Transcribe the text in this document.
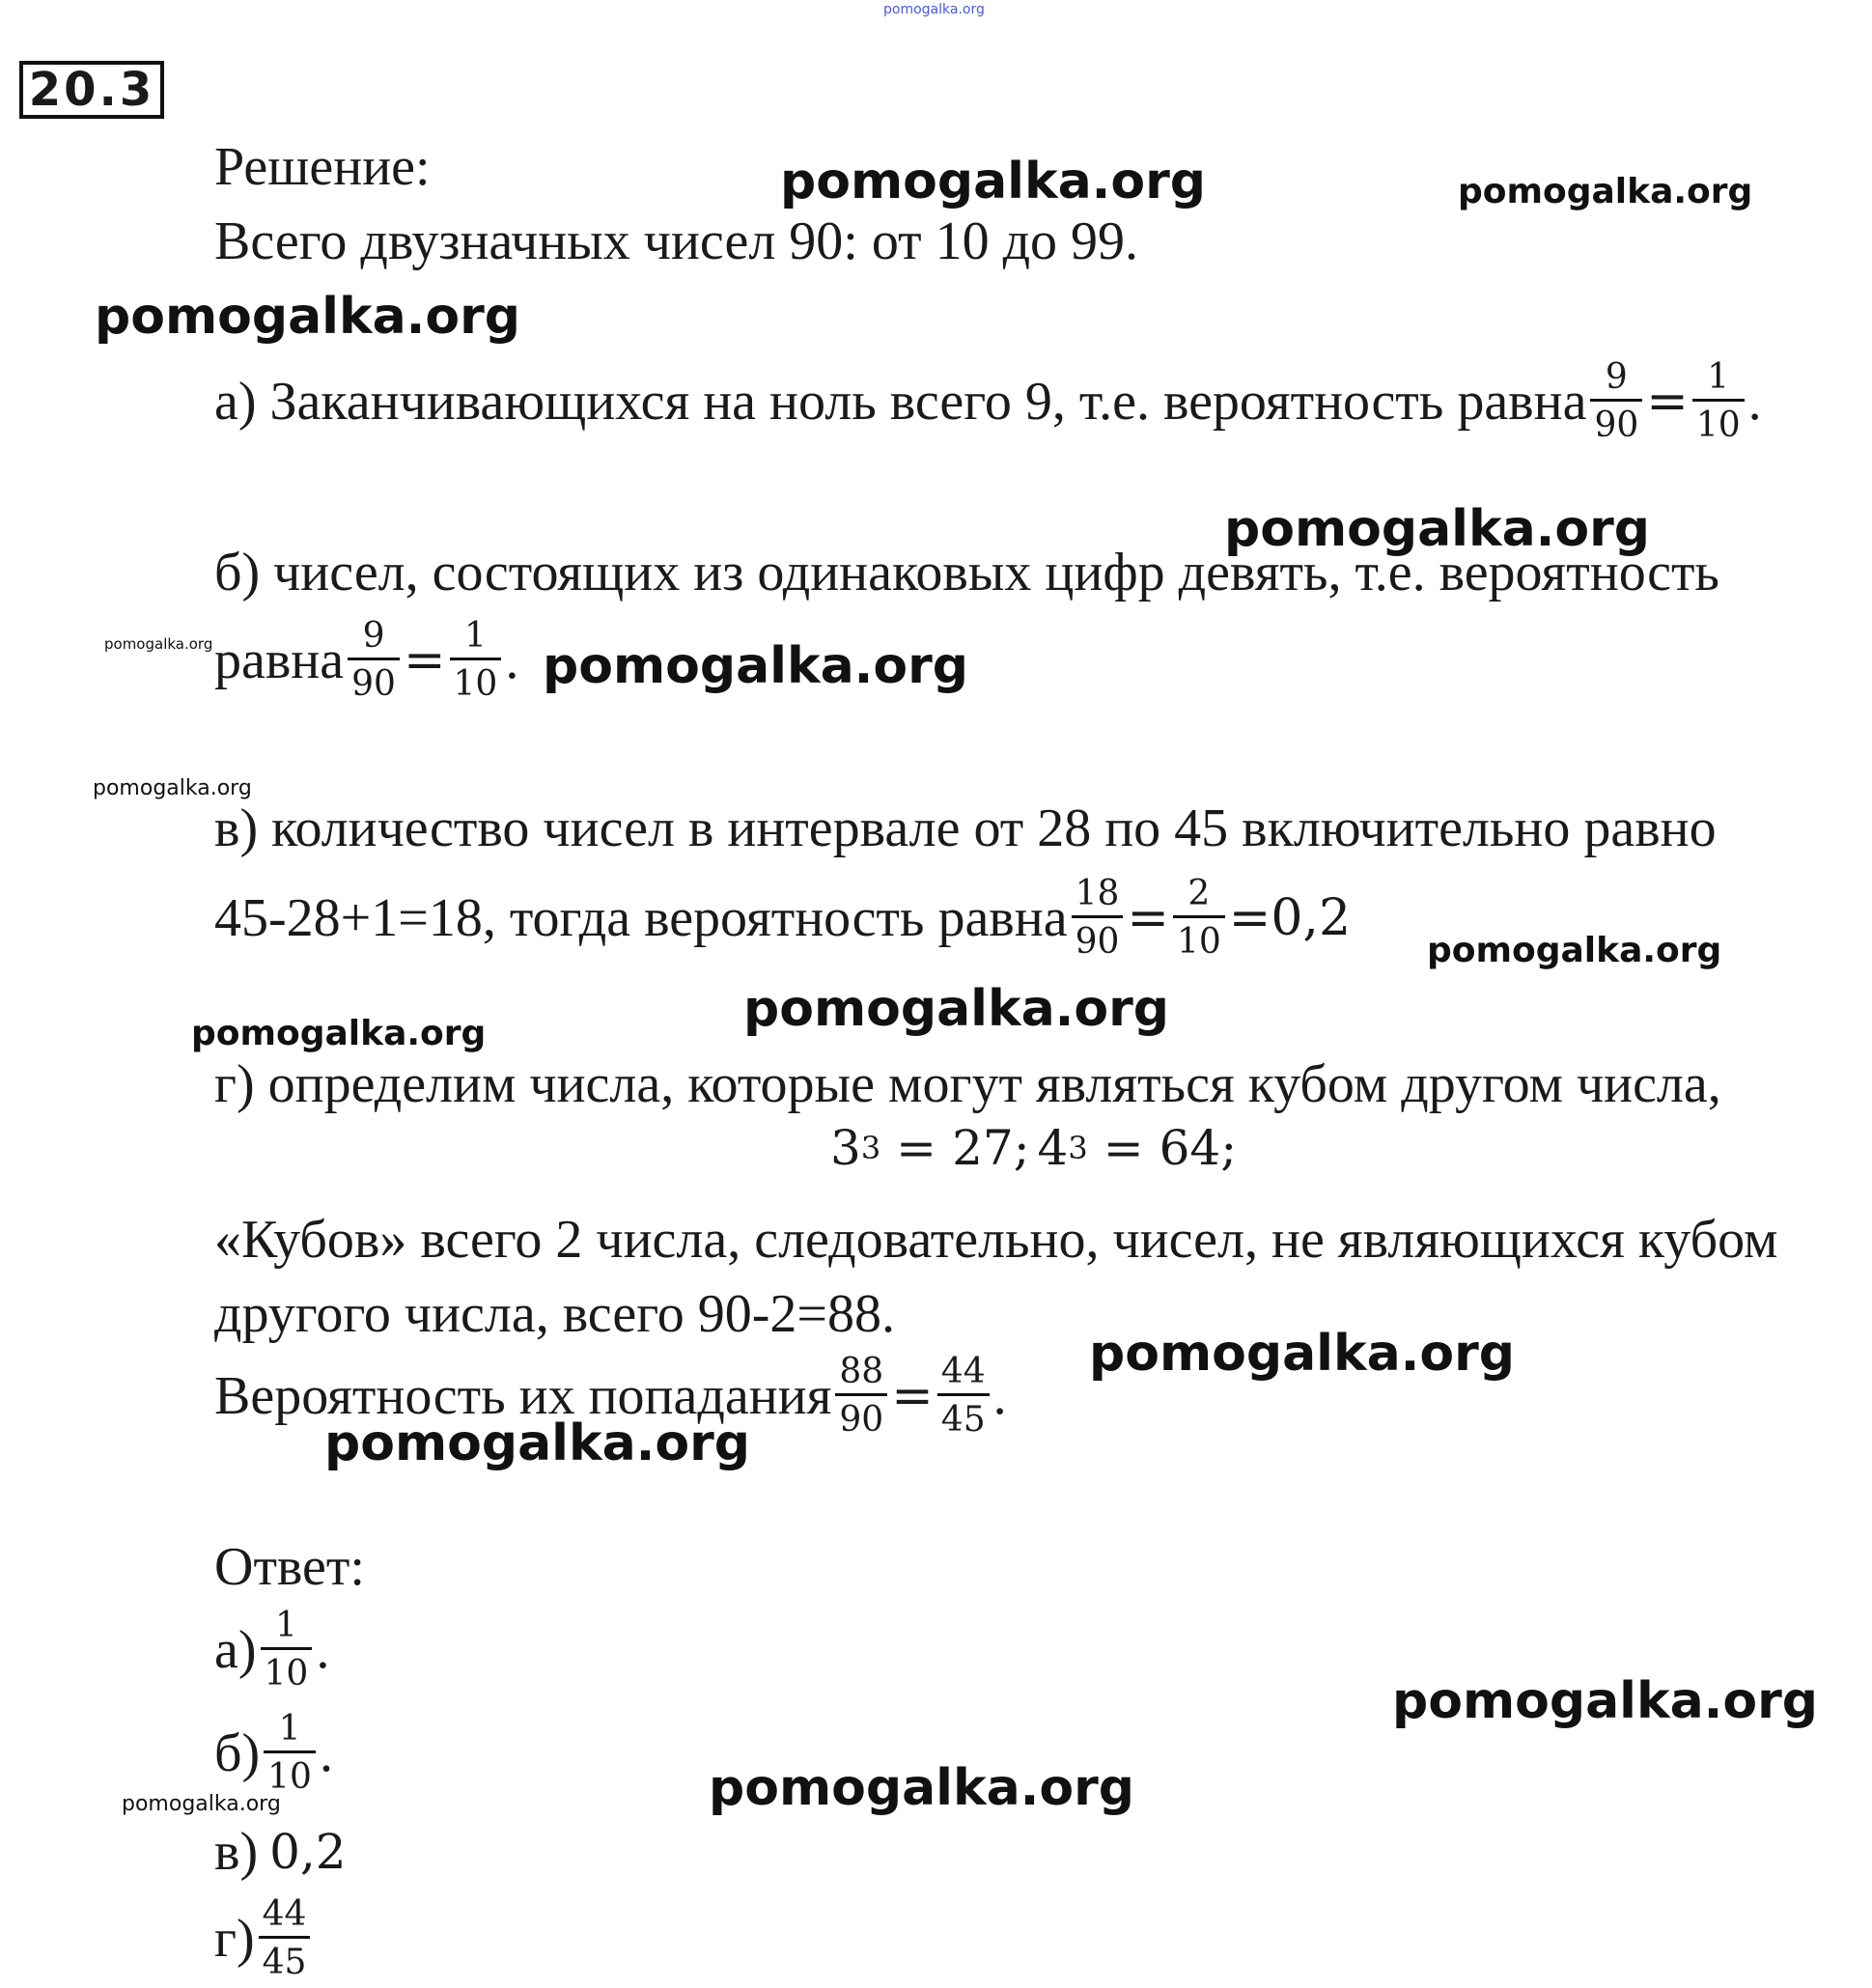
pomogalka.org
20.3
Решение:
Всего двузначных чисел 90: от 10 до 99.
а) Заканчивающихся на ноль всего 9, т.е. вероятность равна $\frac{9}{90} = \frac{1}{10}$ .
б) чисел, состоящих из одинаковых цифр девять, т.е. вероятность
равна $\frac{9}{90} = \frac{1}{10}$ .
в) количество чисел в интервале от 28 по 45 включительно равно
45-28+1=18, тогда вероятность равна $\frac{18}{90} = \frac{2}{10} = 0,2$
г) определим числа, которые могут являться кубом другом числа,
3 3 = 27; 4 3 = 64;
«Кубов» всего 2 числа, следовательно, чисел, не являющихся кубом
другого числа, всего 90-2=88.
Вероятность их попадания $\frac{88}{90} = \frac{44}{45}$ .
Ответ:
$а) \frac{1}{10}$ .
$б) \frac{1}{10}$ .
в) 0,2
$г) \frac{44}{45}$
pomogalka.org	pomogalka.org
pomogalka.org
pomogalka.org
pomogalka.org	pomogalka.org
pomogalka.org
pomogalka.org
pomogalka.org	pomogalka.org
pomogalka.org
pomogalka.org
pomogalka.org
pomogalka.org	pomogalka.org
